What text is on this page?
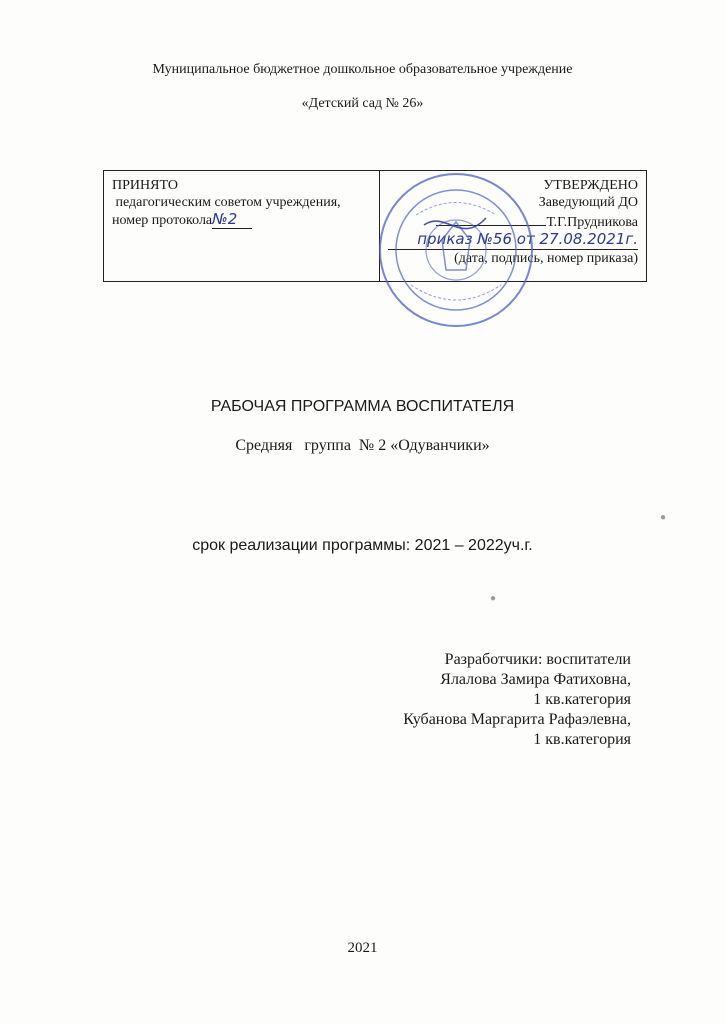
Муниципальное бюджетное дошкольное образовательное учреждение
«Детский сад № 26»
ПРИНЯТО
педагогическим советом учреждения,
номер протокола№2
УТВЕРЖДЕНО
Заведующий ДО
Т.Г.Прудникова
приказ №56 от 27.08.2021г.
(дата, подпись, номер приказа)
РАБОЧАЯ ПРОГРАММА ВОСПИТАТЕЛЯ
Средняя   группа  № 2 «Одуванчики»
срок реализации программы: 2021 – 2022уч.г.
Разработчики: воспитатели
Ялалова Замира Фатиховна,
1 кв.категория
Кубанова Маргарита Рафаэлевна,
1 кв.категория
2021
●
●
